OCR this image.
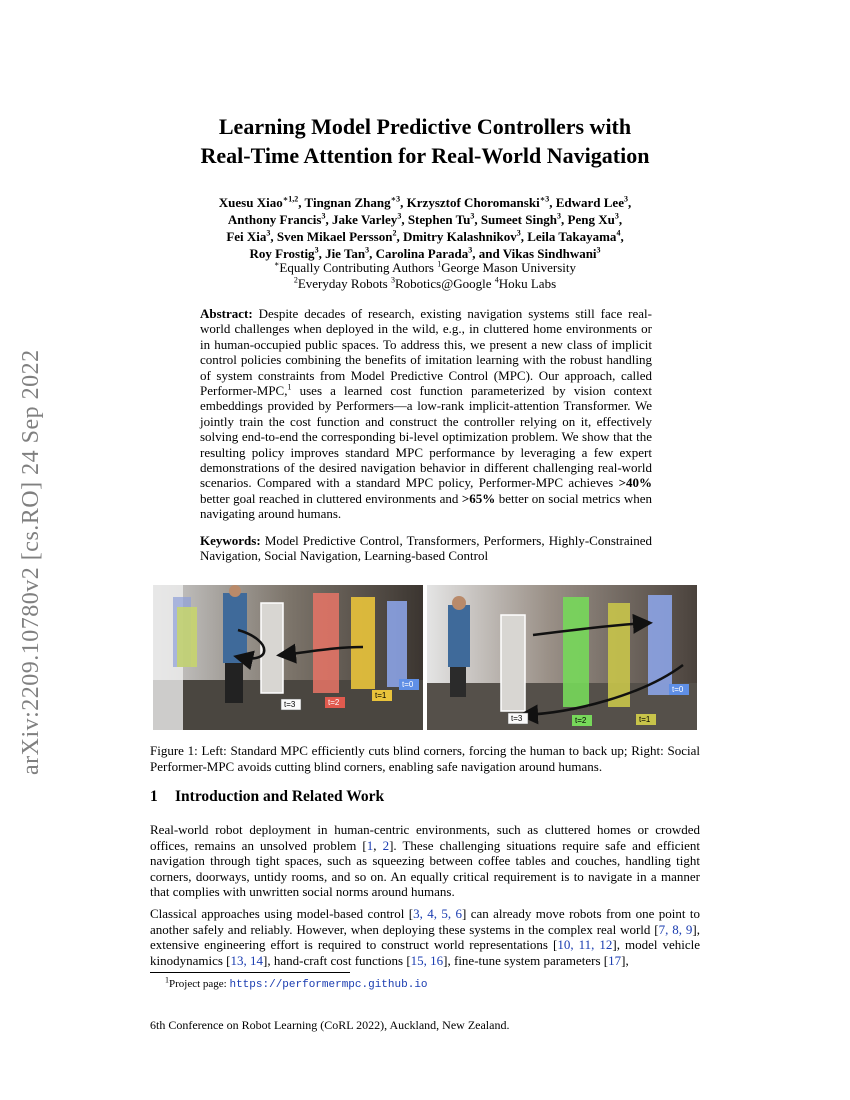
arXiv:2209.10780v2 [cs.RO] 24 Sep 2022
Learning Model Predictive Controllers with
Real-Time Attention for Real-World Navigation
Xuesu Xiao$^{∗1,2}$, Tingnan Zhang$^{∗3}$, Krzysztof Choromanski$^{∗3}$, Edward Lee$^3$,
Anthony Francis$^3$, Jake Varley$^3$, Stephen Tu$^3$, Sumeet Singh$^3$, Peng Xu$^3$,
Fei Xia$^3$, Sven Mikael Persson$^2$, Dmitry Kalashnikov$^3$, Leila Takayama$^4$,
Roy Frostig$^3$, Jie Tan$^3$, Carolina Parada$^3$, and Vikas Sindhwani$^3$
∗Equally Contributing Authors $^1$George Mason University
$^2$Everyday Robots $^3$Robotics@Google $^4$Hoku Labs
Abstract: Despite decades of research, existing navigation systems still face real-world challenges when deployed in the wild, e.g., in cluttered home environments or in human-occupied public spaces. To address this, we present a new class of implicit control policies combining the benefits of imitation learning with the robust handling of system constraints from Model Predictive Control (MPC). Our approach, called Performer-MPC,$^1$ uses a learned cost function parameterized by vision context embeddings provided by Performers—a low-rank implicit-attention Transformer. We jointly train the cost function and construct the controller relying on it, effectively solving end-to-end the corresponding bi-level optimization problem. We show that the resulting policy improves standard MPC performance by leveraging a few expert demonstrations of the desired navigation behavior in different challenging real-world scenarios. Compared with a standard MPC policy, Performer-MPC achieves >40% better goal reached in cluttered environments and >65% better on social metrics when navigating around humans.
Keywords: Model Predictive Control, Transformers, Performers, Highly-Constrained Navigation, Social Navigation, Learning-based Control
t=3	t=2
t=1
t=0
t=3	t=2	t=1
t=0
Figure 1: Left: Standard MPC efficiently cuts blind corners, forcing the human to back up; Right: Social Performer-MPC avoids cutting blind corners, enabling safe navigation around humans.
1 Introduction and Related Work
Real-world robot deployment in human-centric environments, such as cluttered homes or crowded offices, remains an unsolved problem [1, 2]. These challenging situations require safe and efficient navigation through tight spaces, such as squeezing between coffee tables and couches, handling tight corners, doorways, untidy rooms, and so on. An equally critical requirement is to navigate in a manner that complies with unwritten social norms around humans.
Classical approaches using model-based control [3, 4, 5, 6] can already move robots from one point to another safely and reliably. However, when deploying these systems in the complex real world [7, 8, 9], extensive engineering effort is required to construct world representations [10, 11, 12], model vehicle kinodynamics [13, 14], hand-craft cost functions [15, 16], fine-tune system parameters [17],
$^1$Project page: https://performermpc.github.io
6th Conference on Robot Learning (CoRL 2022), Auckland, New Zealand.
